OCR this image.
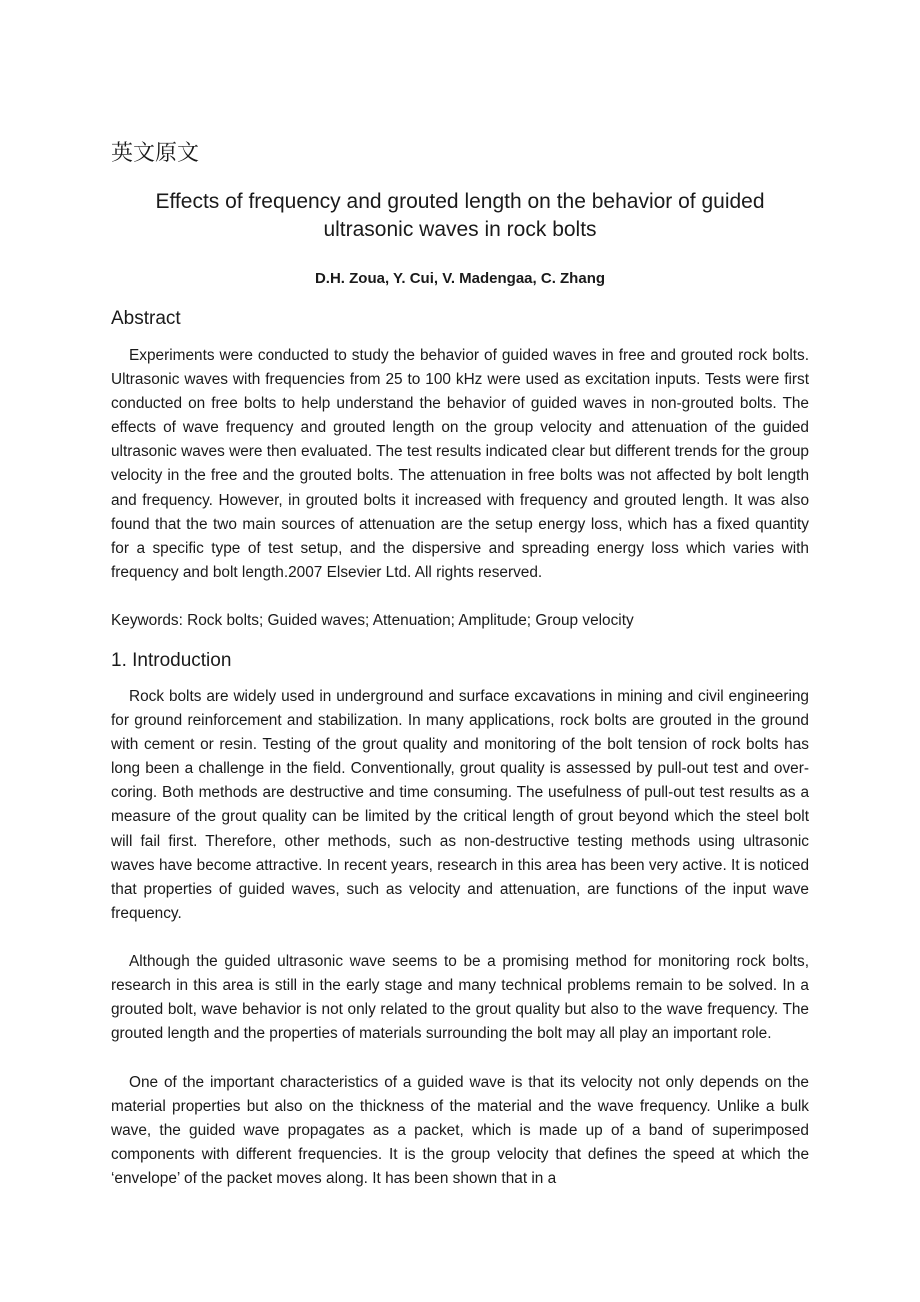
英文原文
Effects of frequency and grouted length on the behavior of guided ultrasonic waves in rock bolts
D.H. Zoua, Y. Cui, V. Madengaa, C. Zhang
Abstract

Experiments were conducted to study the behavior of guided waves in free and grouted rock bolts. Ultrasonic waves with frequencies from 25 to 100 kHz were used as excitation inputs. Tests were first conducted on free bolts to help understand the behavior of guided waves in non-grouted bolts. The effects of wave frequency and grouted length on the group velocity and attenuation of the guided ultrasonic waves were then evaluated. The test results indicated clear but different trends for the group velocity in the free and the grouted bolts. The attenuation in free bolts was not affected by bolt length and frequency. However, in grouted bolts it increased with frequency and grouted length. It was also found that the two main sources of attenuation are the setup energy loss, which has a fixed quantity for a specific type of test setup, and the dispersive and spreading energy loss which varies with frequency and bolt length.2007 Elsevier Ltd. All rights reserved.

Keywords: Rock bolts; Guided waves; Attenuation; Amplitude; Group velocity

1. Introduction

Rock bolts are widely used in underground and surface excavations in mining and civil engineering for ground reinforcement and stabilization. In many applications, rock bolts are grouted in the ground with cement or resin. Testing of the grout quality and monitoring of the bolt tension of rock bolts has long been a challenge in the field. Conventionally, grout quality is assessed by pull-out test and over-coring. Both methods are destructive and time consuming. The usefulness of pull-out test results as a measure of the grout quality can be limited by the critical length of grout beyond which the steel bolt will fail first. Therefore, other methods, such as non-destructive testing methods using ultrasonic waves have become attractive. In recent years, research in this area has been very active. It is noticed that properties of guided waves, such as velocity and attenuation, are functions of the input wave frequency.

Although the guided ultrasonic wave seems to be a promising method for monitoring rock bolts, research in this area is still in the early stage and many technical problems remain to be solved. In a grouted bolt, wave behavior is not only related to the grout quality but also to the wave frequency. The grouted length and the properties of materials surrounding the bolt may all play an important role.

One of the important characteristics of a guided wave is that its velocity not only depends on the material properties but also on the thickness of the material and the wave frequency. Unlike a bulk wave, the guided wave propagates as a packet, which is made up of a band of superimposed components with different frequencies. It is the group velocity that defines the speed at which the ‘envelope’ of the packet moves along. It has been shown that in a
